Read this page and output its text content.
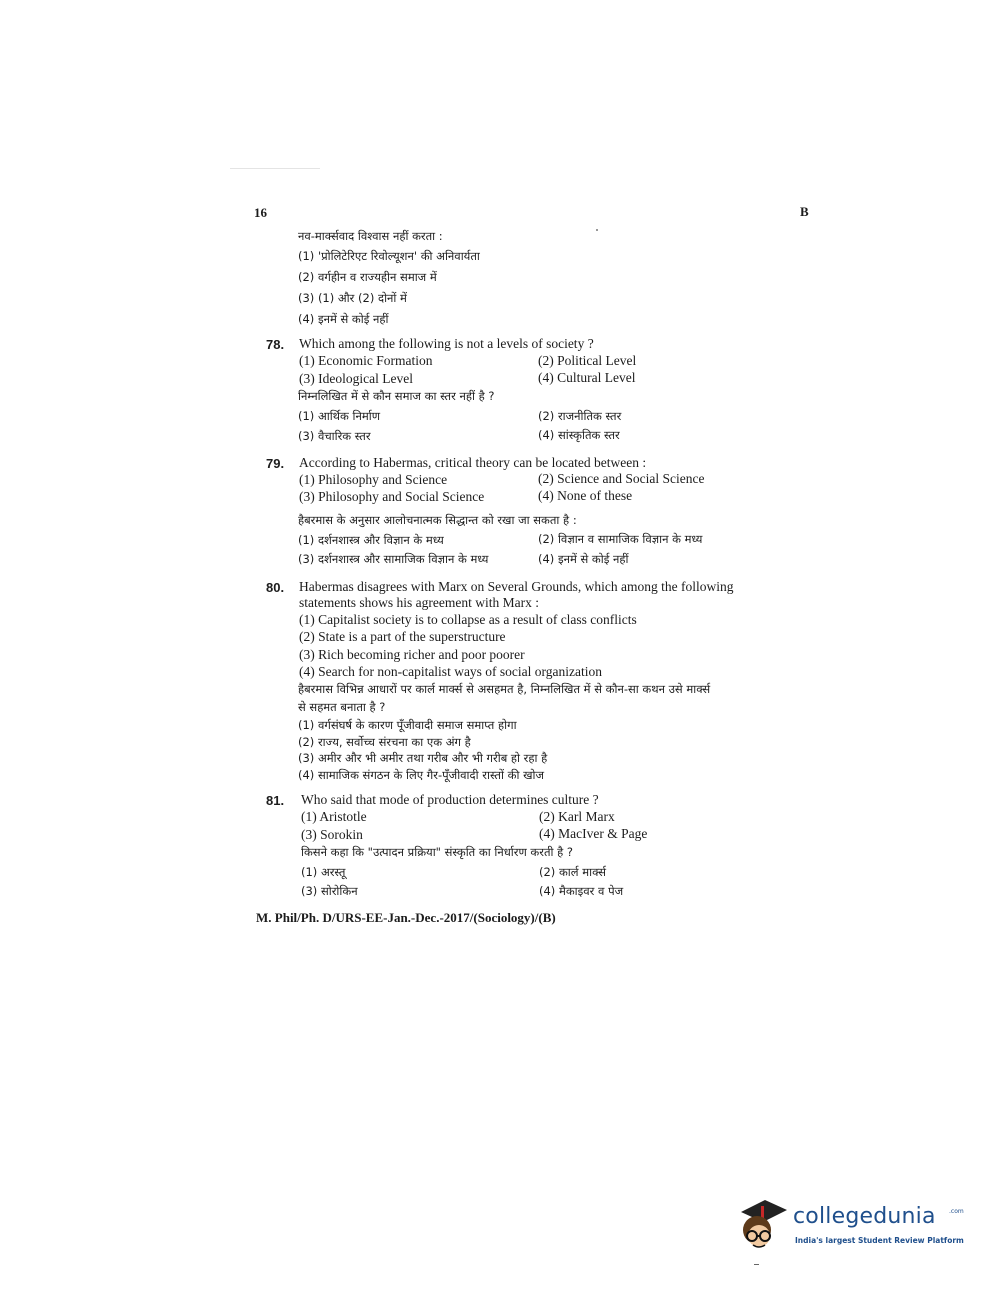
16	B
नव-मार्क्सवाद विश्वास नहीं करता :
(1) 'प्रोलिटेरिएट रिवोल्यूशन' की अनिवार्यता
(2) वर्गहीन व राज्यहीन समाज में
(3) (1) और (2) दोनों में
(4) इनमें से कोई नहीं
78. Which among the following is not a levels of society ?
(1) Economic Formation	(2) Political Level
(3) Ideological Level	(4) Cultural Level
निम्नलिखित में से कौन समाज का स्तर नहीं है ?
(1) आर्थिक निर्माण	(2) राजनीतिक स्तर
(3) वैचारिक स्तर	(4) सांस्कृतिक स्तर
79. According to Habermas, critical theory can be located between :
(1) Philosophy and Science	(2) Science and Social Science
(3) Philosophy and Social Science	(4) None of these
हैबरमास के अनुसार आलोचनात्मक सिद्धान्त को रखा जा सकता है :
(1) दर्शनशास्त्र और विज्ञान के मध्य	(2) विज्ञान व सामाजिक विज्ञान के मध्य
(3) दर्शनशास्त्र और सामाजिक विज्ञान के मध्य	(4) इनमें से कोई नहीं
80. Habermas disagrees with Marx on Several Grounds, which among the following
statements shows his agreement with Marx :
(1) Capitalist society is to collapse as a result of class conflicts
(2) State is a part of the superstructure
(3) Rich becoming richer and poor poorer
(4) Search for non-capitalist ways of social organization
हैबरमास विभिन्न आधारों पर कार्ल मार्क्स से असहमत है, निम्नलिखित में से कौन-सा कथन उसे मार्क्स
से सहमत बनाता है ?
(1) वर्गसंघर्ष के कारण पूँजीवादी समाज समाप्त होगा
(2) राज्य, सर्वोच्च संरचना का एक अंग है
(3) अमीर और भी अमीर तथा गरीब और भी गरीब हो रहा है
(4) सामाजिक संगठन के लिए गैर-पूँजीवादी रास्तों की खोज
81. Who said that mode of production determines culture ?
(1) Aristotle	(2) Karl Marx
(3) Sorokin	(4) MacIver & Page
किसने कहा कि "उत्पादन प्रक्रिया" संस्कृति का निर्धारण करती है ?
(1) अरस्तू	(2) कार्ल मार्क्स
(3) सोरोकिन	(4) मैकाइवर व पेज
M. Phil/Ph. D/URS-EE-Jan.-Dec.-2017/(Sociology)/(B)
collegedunia .com
India's largest Student Review Platform
